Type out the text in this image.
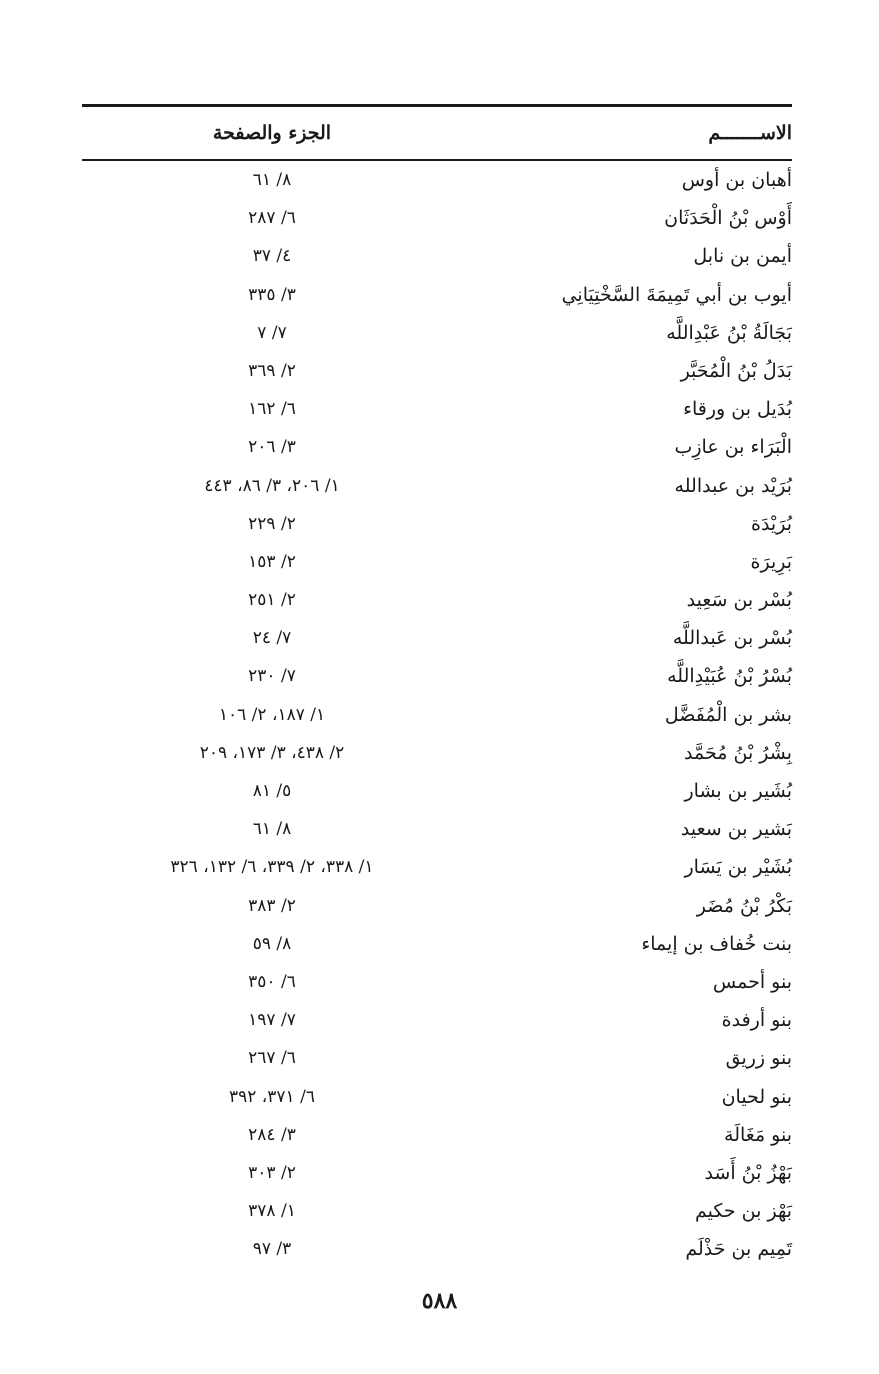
الاســـــــم
الجزء والصفحة
أهبان بن أوس
٨/ ٦١
أَوْس بْنُ الْحَدَثَان
٦/ ٢٨٧
أيمن بن نابل
٤/ ٣٧
أيوب بن أبي تَمِيمَةَ السَّخْتِيَانِي
٣/ ٣٣٥
بَجَالَةُ بْنُ عَبْدِاللَّه
٧/ ٧
بَدَلُ بْنُ الْمُحَبَّر
٢/ ٣٦٩
بُدَيل بن ورقاء
٦/ ١٦٢
الْبَرَاء بن عازِب
٣/ ٢٠٦
بُرَيْد بن عبدالله
١/ ٢٠٦، ٣/ ٨٦، ٤٤٣
بُرَيْدَة
٢/ ٢٢٩
بَرِيرَة
٢/ ١٥٣
بُسْر بن سَعِيد
٢/ ٢٥١
بُسْر بن عَبداللَّه
٧/ ٢٤
بُسْرُ بْنُ عُبَيْدِاللَّه
٧/ ٢٣٠
بشر بن الْمُفَضَّل
١/ ١٨٧، ٢/ ١٠٦
بِشْرُ بْنُ مُحَمَّد
٢/ ٤٣٨، ٣/ ١٧٣، ٢٠٩
بُشَير بن بشار
٥/ ٨١
بَشير بن سعيد
٨/ ٦١
بُشَيْر بن يَسَار
١/ ٣٣٨، ٢/ ٣٣٩، ٦/ ١٣٢، ٣٢٦
بَكْرُ بْنُ مُضَر
٢/ ٣٨٣
بنت خُفاف بن إيماء
٨/ ٥٩
بنو أحمس
٦/ ٣٥٠
بنو أرفدة
٧/ ١٩٧
بنو زريق
٦/ ٢٦٧
بنو لحيان
٦/ ٣٧١، ٣٩٢
بنو مَغَالَة
٣/ ٢٨٤
بَهْزُ بْنُ أَسَد
٢/ ٣٠٣
بَهْز بن حكيم
١/ ٣٧٨
تَمِيم بن حَذْلَم
٣/ ٩٧
٥٨٨
